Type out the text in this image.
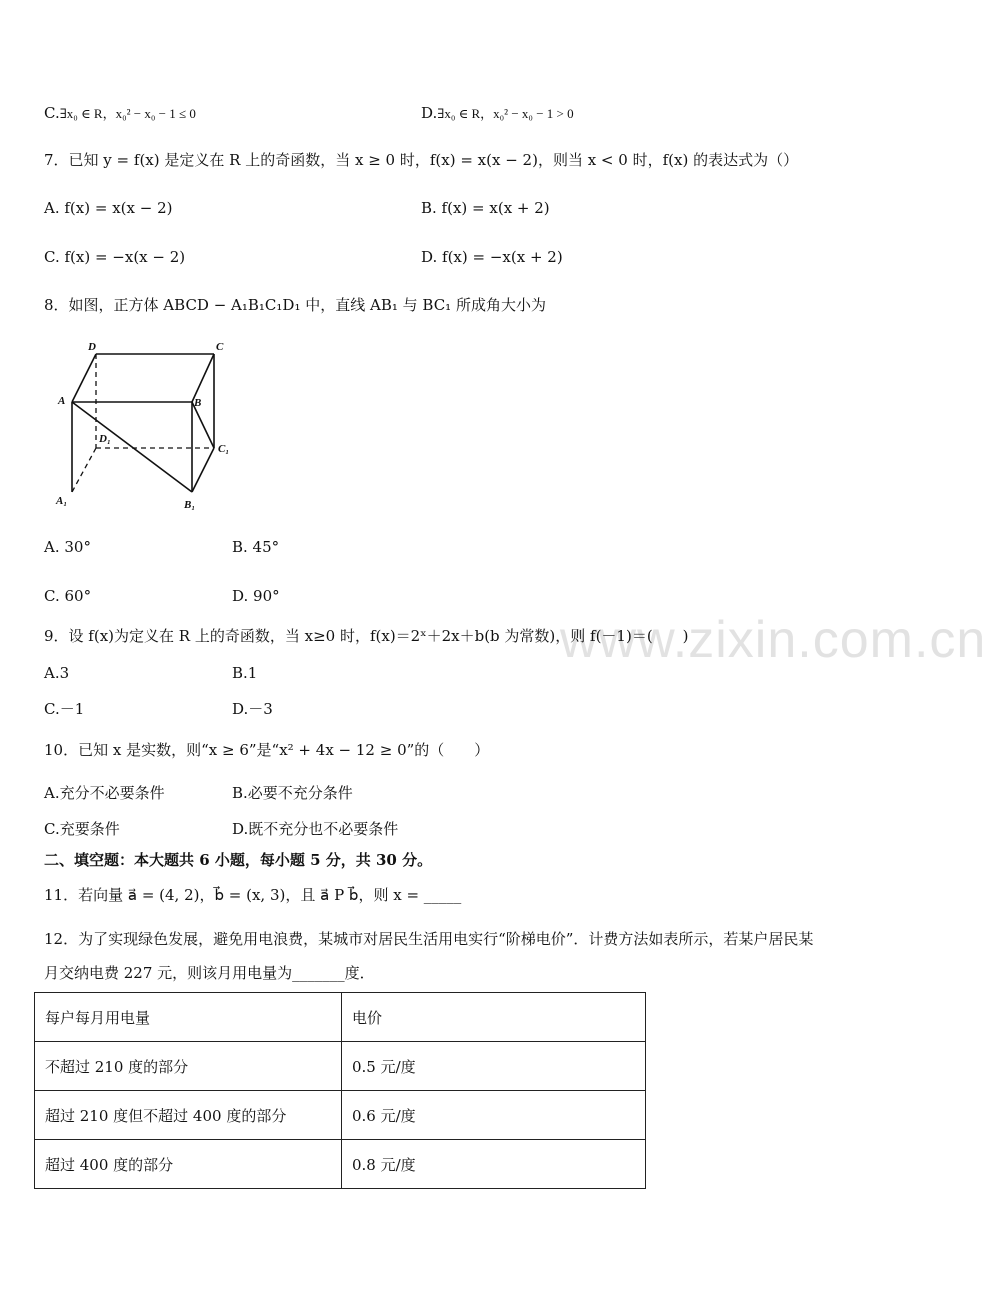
www.zixin.com.cn
C.∃x₀ ∈ R，x₀² − x₀ − 1 ≤ 0	D.∃x₀ ∈ R，x₀² − x₀ − 1 > 0
7．已知 y = f(x) 是定义在 R 上的奇函数，当 x ≥ 0 时，f(x) = x(x − 2)，则当 x < 0 时，f(x) 的表达式为（）
A. f(x) = x(x − 2)	B. f(x) = x(x + 2)
C. f(x) = −x(x − 2)	D. f(x) = −x(x + 2)
8．如图，正方体 ABCD − A₁B₁C₁D₁ 中，直线 AB₁ 与 BC₁ 所成角大小为
D	C
A	B
D₁
C₁
A₁	B₁
A. 30°	B. 45°
C. 60°	D. 90°
9．设 f(x)为定义在 R 上的奇函数，当 x≥0 时，f(x)＝2ˣ＋2x＋b(b 为常数)，则 f(－1)＝(　　)
A.3	B.1
C.－1	D.－3
10．已知 x 是实数，则“x ≥ 6”是“x² + 4x − 12 ≥ 0”的（　　）
A.充分不必要条件	B.必要不充分条件
C.充要条件	D.既不充分也不必要条件
二、填空题：本大题共 6 小题，每小题 5 分，共 30 分。
11．若向量 a⃗ = (4, 2)，b⃗ = (x, 3)，且 a⃗ P b⃗，则 x = _____
12．为了实现绿色发展，避免用电浪费，某城市对居民生活用电实行“阶梯电价”．计费方法如表所示，若某户居民某
月交纳电费 227 元，则该月用电量为_______度．
每户每月用电量	电价
不超过 210 度的部分	0.5 元/度
超过 210 度但不超过 400 度的部分	0.6 元/度
超过 400 度的部分	0.8 元/度
